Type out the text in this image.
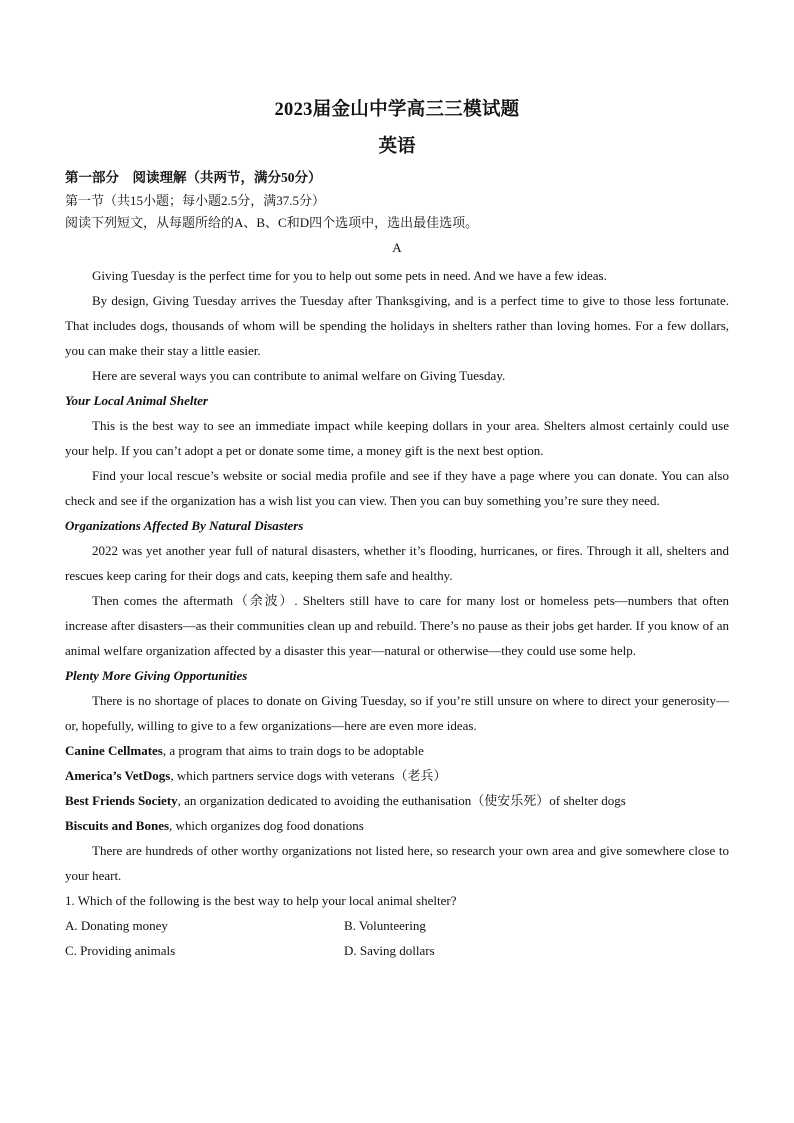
2023届金山中学高三三模试题
英语
第一部分　阅读理解（共两节，满分50分）
第一节（共15小题；每小题2.5分，满37.5分）
阅读下列短文，从每题所给的A、B、C和D四个选项中，选出最佳选项。
A

Giving Tuesday is the perfect time for you to help out some pets in need. And we have a few ideas.

By design, Giving Tuesday arrives the Tuesday after Thanksgiving, and is a perfect time to give to those less fortunate. That includes dogs, thousands of whom will be spending the holidays in shelters rather than loving homes. For a few dollars, you can make their stay a little easier.

Here are several ways you can contribute to animal welfare on Giving Tuesday.

Your Local Animal Shelter

This is the best way to see an immediate impact while keeping dollars in your area. Shelters almost certainly could use your help. If you can’t adopt a pet or donate some time, a money gift is the next best option.

Find your local rescue’s website or social media profile and see if they have a page where you can donate. You can also check and see if the organization has a wish list you can view. Then you can buy something you’re sure they need.

Organizations Affected By Natural Disasters

2022 was yet another year full of natural disasters, whether it’s flooding, hurricanes, or fires. Through it all, shelters and rescues keep caring for their dogs and cats, keeping them safe and healthy.

Then comes the aftermath（余波）. Shelters still have to care for many lost or homeless pets—numbers that often increase after disasters—as their communities clean up and rebuild. There’s no pause as their jobs get harder. If you know of an animal welfare organization affected by a disaster this year—natural or otherwise—they could use some help.

Plenty More Giving Opportunities

There is no shortage of places to donate on Giving Tuesday, so if you’re still unsure on where to direct your generosity—or, hopefully, willing to give to a few organizations—here are even more ideas.

Canine Cellmates, a program that aims to train dogs to be adoptable

America’s VetDogs, which partners service dogs with veterans（老兵）

Best Friends Society, an organization dedicated to avoiding the euthanisation（使安乐死）of shelter dogs

Biscuits and Bones, which organizes dog food donations

There are hundreds of other worthy organizations not listed here, so research your own area and give somewhere close to your heart.

1. Which of the following is the best way to help your local animal shelter?

A. Donating money	B. Volunteering
C. Providing animals	D. Saving dollars
